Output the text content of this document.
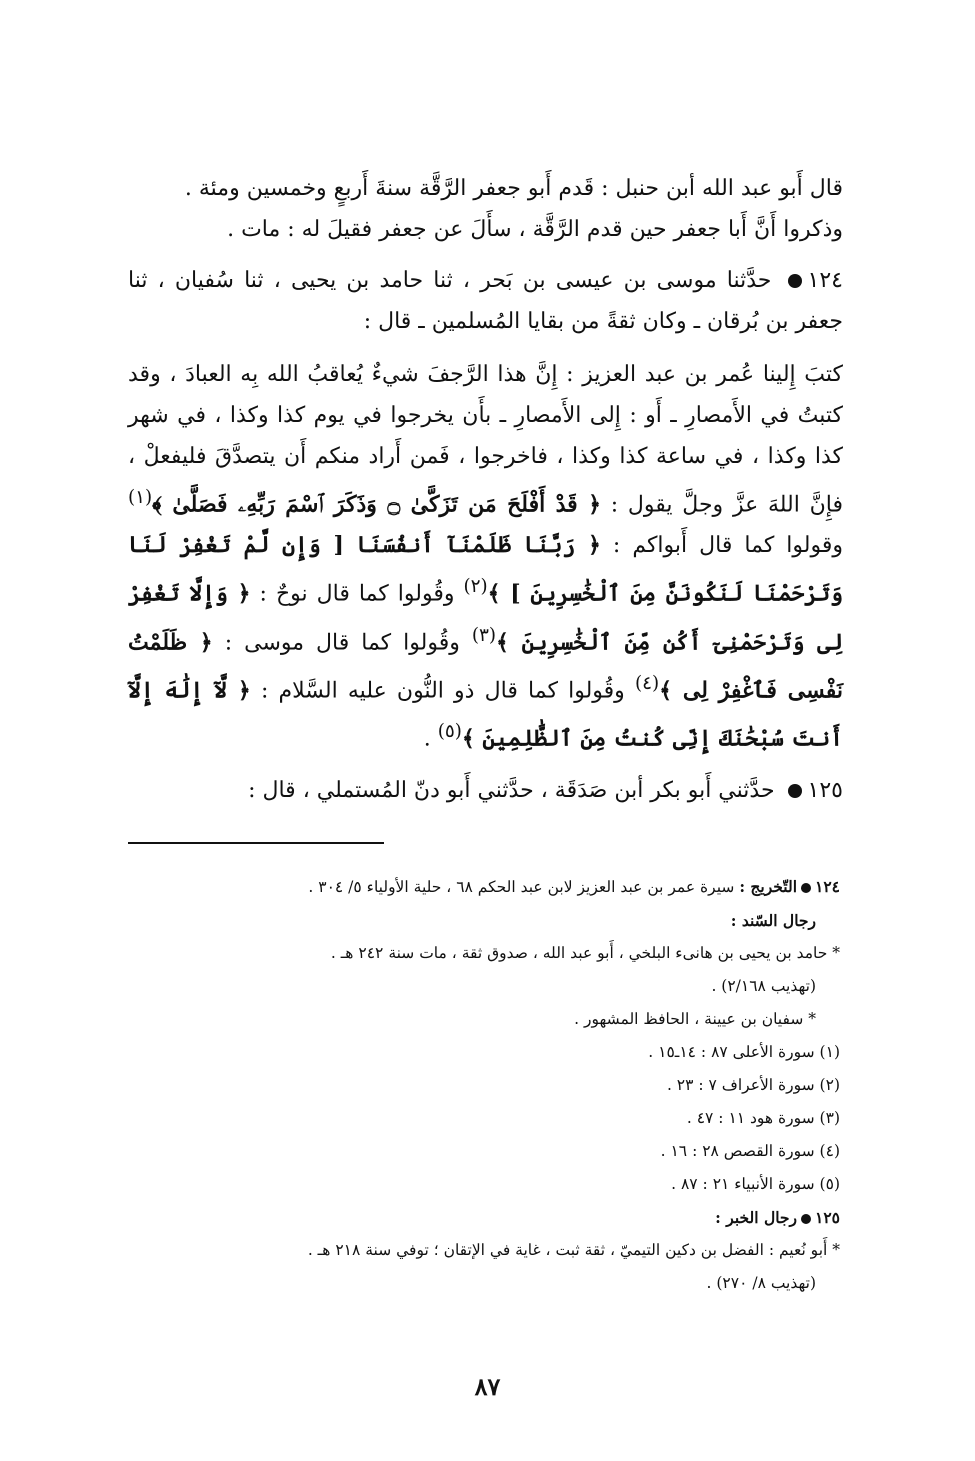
قال أَبو عبد الله أبن حنبل : قَدم أَبو جعفر الرَّقَّة سنةَ أَربعٍ وخمسين ومئة .
وذكروا أَنَّ أَبا جعفر حين قدم الرَّقَّة ، سأَلَ عن جعفر فقيلَ له : مات .

١٢٤ حدَّثنا موسى بن عيسى بن بَحر ، ثنا حامد بن يحيى ، ثنا سُفيان ، ثنا جعفر بن بُرقان ـ وكان ثقةً من بقايا المُسلمين ـ قال :

كتبَ إِلينا عُمر بن عبد العزيز : إِنَّ هذا الرَّجفَ شيءٌ يُعاقبُ الله بِه العبادَ ، وقد كتبتُ في الأَمصارِ ـ أَو : إِلى الأَمصارِ ـ بأَن يخرجوا في يوم كذا وكذا ، في شهر كذا وكذا ، في ساعة كذا وكذا ، فاخرجوا ، فَمن أَراد منكم أَن يتصدَّقَ فليفعلْ ، فإِنَّ اللهَ عزَّ وجلَّ يقول : ﴿ قَدْ أَفْلَحَ مَن تَزَكَّىٰ ۝ وَذَكَرَ ٱسْمَ رَبِّهِۦ فَصَلَّىٰ ﴾$^{(١)}$ وقولوا كما قال أَبواكم : ﴿ رَبَّنَا ظَلَمْنَآ أَنفُسَنَا [ وَإِن لَّمْ تَغْفِرْ لَنَا وَتَرْحَمْنَا لَنَكُونَنَّ مِنَ ٱلْخَٰسِرِينَ ] ﴾$^{(٢)}$ وقُولوا كما قال نوحٌ : ﴿ وَإِلَّا تَغْفِرْ لِى وَتَرْحَمْنِىٓ أَكُن مِّنَ ٱلْخَٰسِرِينَ ﴾$^{(٣)}$ وقُولوا كما قال موسى : ﴿ ظَلَمْتُ نَفْسِى فَٱغْفِرْ لِى ﴾$^{(٤)}$ وقُولوا كما قال ذو النُّون عليه السَّلام : ﴿ لَّآ إِلَٰهَ إِلَّآ أَنتَ سُبْحَٰنَكَ إِنِّى كُنتُ مِنَ ٱلظَّٰلِمِينَ ﴾$^{(٥)}$ .

١٢٥ حدَّثني أَبو بكر أبن صَدَقَة ، حدَّثني أَبو دنّ المُستملي ، قال :

١٢٤التّخريج : سيرة عمر بن عبد العزيز لابن عبد الحكم ٦٨ ، حلية الأولياء ٥/ ٣٠٤ .

رجال السّند :

* حامد بن يحيى بن هانىء البلخي ، أَبو عبد الله ، صدوق ثقة ، مات سنة ٢٤٢ هـ .

(تهذيب ٢/١٦٨) .

* سفيان بن عيينة ، الحافظ المشهور .

(١) سورة الأعلى ٨٧ : ١٤ـ١٥ .

(٢) سورة الأعراف ٧ : ٢٣ .

(٣) سورة هود ١١ : ٤٧ .

(٤) سورة القصص ٢٨ : ١٦ .

(٥) سورة الأنبياء ٢١ : ٨٧ .

١٢٥رجال الخبر :

* أَبو نُعيم : الفضل بن دكين التيميّ ، ثقة ثبت ، غاية في الإتقان ؛ توفي سنة ٢١٨ هـ .

(تهذيب ٨/ ٢٧٠) .

٨٧
